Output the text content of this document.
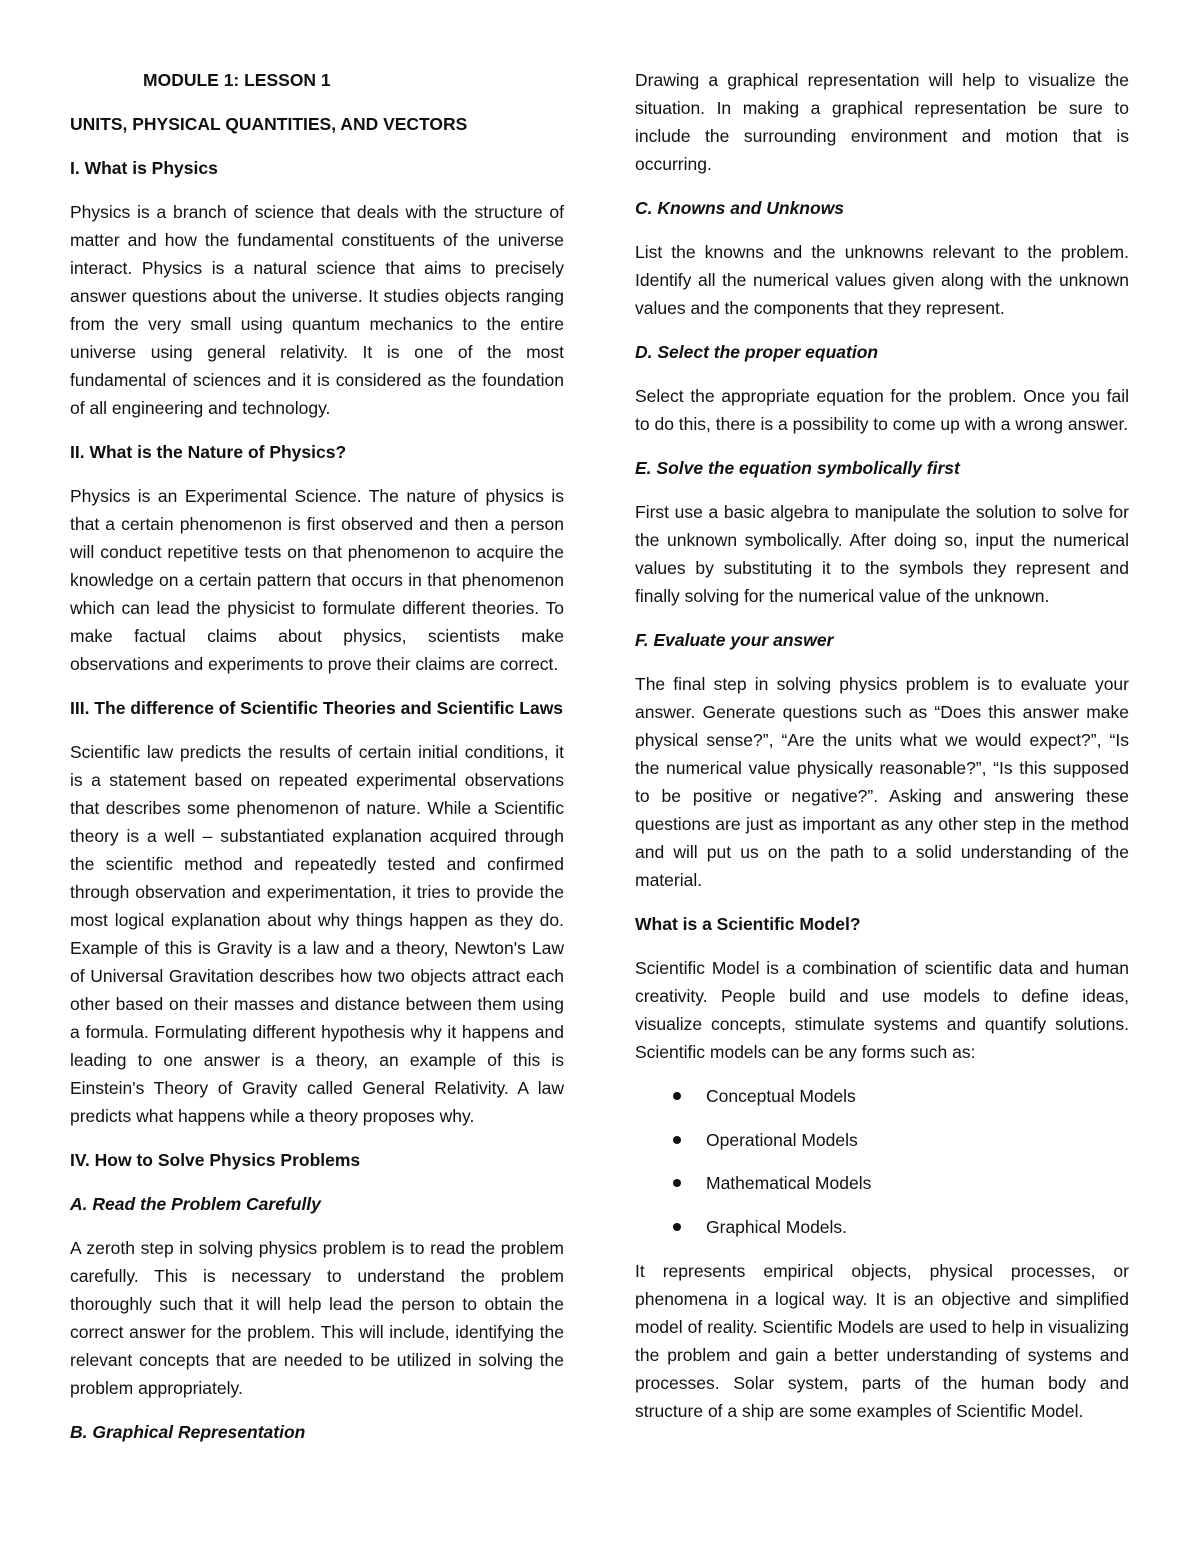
MODULE 1: LESSON 1
UNITS, PHYSICAL QUANTITIES, AND VECTORS
I. What is Physics

Physics is a branch of science that deals with the structure of matter and how the fundamental constituents of the universe interact. Physics is a natural science that aims to precisely answer questions about the universe. It studies objects ranging from the very small using quantum mechanics to the entire universe using general relativity. It is one of the most fundamental of sciences and it is considered as the foundation of all engineering and technology.

II. What is the Nature of Physics?

Physics is an Experimental Science. The nature of physics is that a certain phenomenon is first observed and then a person will conduct repetitive tests on that phenomenon to acquire the knowledge on a certain pattern that occurs in that phenomenon which can lead the physicist to formulate different theories. To make factual claims about physics, scientists make observations and experiments to prove their claims are correct.

III. The difference of Scientific Theories and Scientific Laws

Scientific law predicts the results of certain initial conditions, it is a statement based on repeated experimental observations that describes some phenomenon of nature. While a Scientific theory is a well – substantiated explanation acquired through the scientific method and repeatedly tested and confirmed through observation and experimentation, it tries to provide the most logical explanation about why things happen as they do. Example of this is Gravity is a law and a theory, Newton's Law of Universal Gravitation describes how two objects attract each other based on their masses and distance between them using a formula. Formulating different hypothesis why it happens and leading to one answer is a theory, an example of this is Einstein's Theory of Gravity called General Relativity. A law predicts what happens while a theory proposes why.

IV. How to Solve Physics Problems
A. Read the Problem Carefully

A zeroth step in solving physics problem is to read the problem carefully. This is necessary to understand the problem thoroughly such that it will help lead the person to obtain the correct answer for the problem. This will include, identifying the relevant concepts that are needed to be utilized in solving the problem appropriately.

B. Graphical Representation

Drawing a graphical representation will help to visualize the situation. In making a graphical representation be sure to include the surrounding environment and motion that is occurring.

C. Knowns and Unknows

List the knowns and the unknowns relevant to the problem. Identify all the numerical values given along with the unknown values and the components that they represent.

D. Select the proper equation

Select the appropriate equation for the problem. Once you fail to do this, there is a possibility to come up with a wrong answer.

E. Solve the equation symbolically first

First use a basic algebra to manipulate the solution to solve for the unknown symbolically. After doing so, input the numerical values by substituting it to the symbols they represent and finally solving for the numerical value of the unknown.

F. Evaluate your answer

The final step in solving physics problem is to evaluate your answer. Generate questions such as “Does this answer make physical sense?”, “Are the units what we would expect?”, “Is the numerical value physically reasonable?”, “Is this supposed to be positive or negative?”. Asking and answering these questions are just as important as any other step in the method and will put us on the path to a solid understanding of the material.

What is a Scientific Model?

Scientific Model is a combination of scientific data and human creativity. People build and use models to define ideas, visualize concepts, stimulate systems and quantify solutions. Scientific models can be any forms such as:

Conceptual Models
Operational Models
Mathematical Models
Graphical Models.

It represents empirical objects, physical processes, or phenomena in a logical way. It is an objective and simplified model of reality. Scientific Models are used to help in visualizing the problem and gain a better understanding of systems and processes. Solar system, parts of the human body and structure of a ship are some examples of Scientific Model.
